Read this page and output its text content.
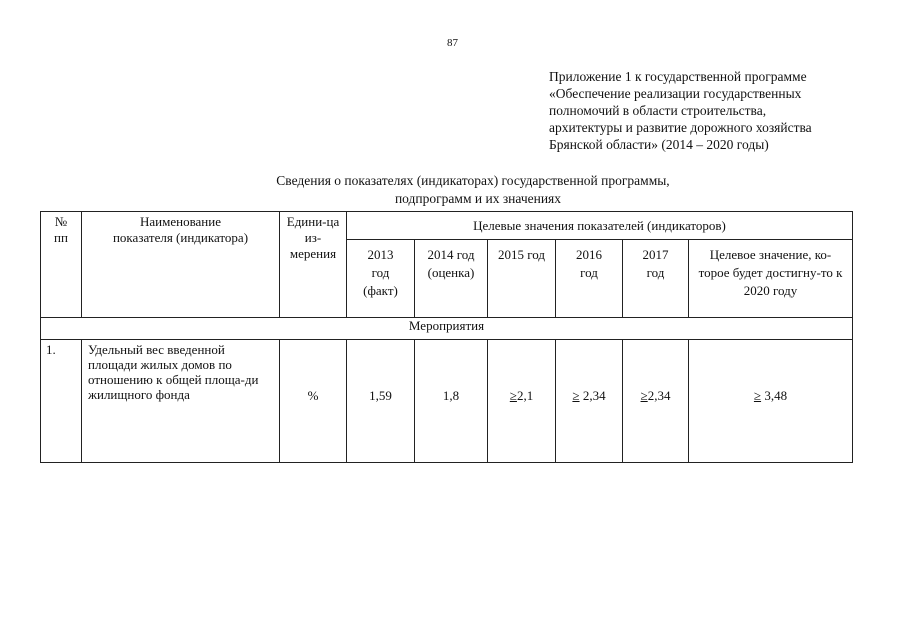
87
Приложение 1 к государственной программе
«Обеспечение реализации государственных
полномочий в области строительства,
архитектуры и развитие дорожного хозяйства
Брянской области» (2014 – 2020 годы)
Сведения о показателях (индикаторах) государственной программы,
подпрограмм и их значениях
№ пп	Наименование показателя (индикатора)	Едини-ца из-мерения	Целевые значения показателей (индикаторов)					
			2013 год (факт)	2014 год (оценка)	2015 год	2016 год	2017 год	Целевое значение, ко-торое будет достигну-то к 2020 году
Мероприятия								
1.	Удельный вес введенной площади жилых домов по отношению к общей площа-ди жилищного фонда	%	1,59	1,8	≥2,1	≥ 2,34	≥2,34	≥ 3,48
